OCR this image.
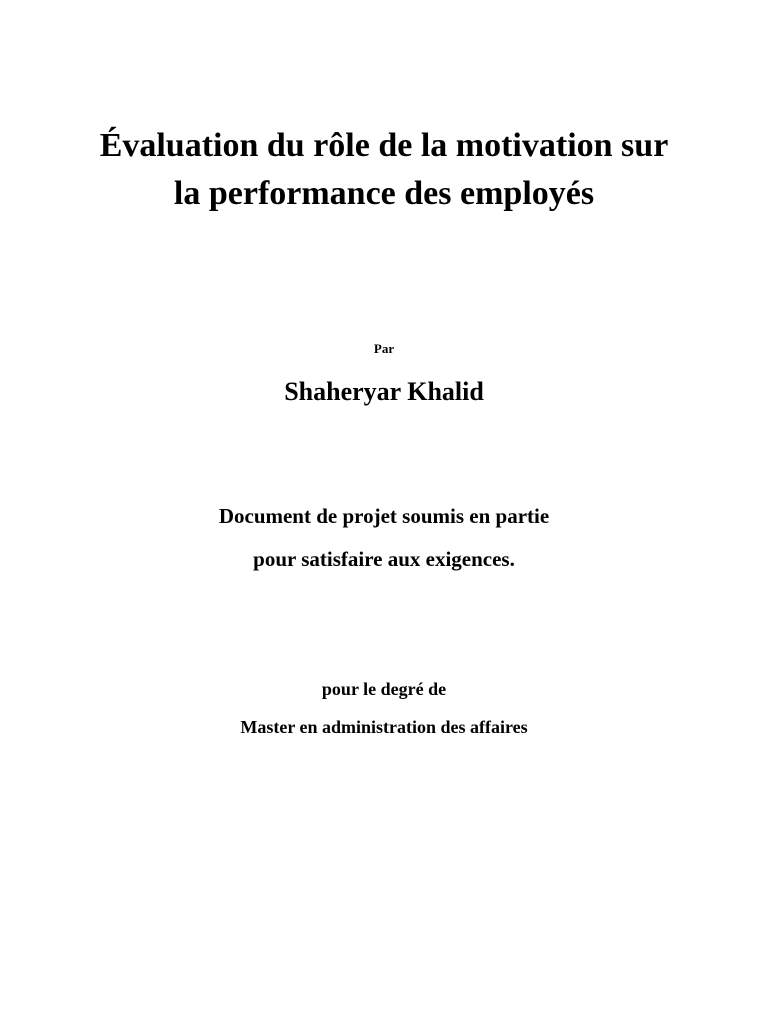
Évaluation du rôle de la motivation sur
la performance des employés
Par
Shaheryar Khalid
Document de projet soumis en partie
pour satisfaire aux exigences.
pour le degré de
Master en administration des affaires
